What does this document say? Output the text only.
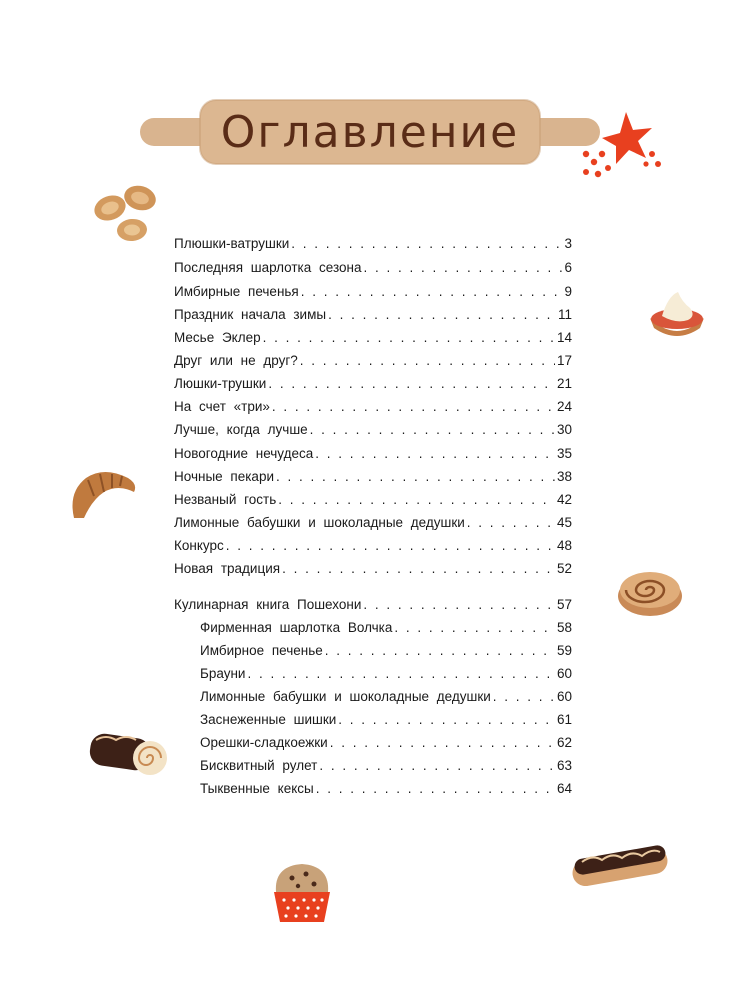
Оглавление
Плюшки-ватрушки . . .	3
Последняя шарлотка сезона . . .	6
Имбирные печенья . . .	9
Праздник начала зимы . . .	11
Месье Эклер . . .	14
Друг или не друг? . . .	17
Люшки-трушки . . .	21
На счет «три» . . .	24
Лучше, когда лучше . . .	30
Новогодние нечудеса . . .	35
Ночные пекари . . .	38
Незваный гость . . .	42
Лимонные бабушки и шоколадные дедушки . . .	45
Конкурс . . .	48
Новая традиция . . .	52
Кулинарная книга Пошехони . . .	57
Фирменная шарлотка Волчка . . .	58
Имбирное печенье . . .	59
Брауни . . .	60
Лимонные бабушки и шоколадные дедушки . . .	60
Заснеженные шишки . . .	61
Орешки-сладкоежки . . .	62
Бисквитный рулет . . .	63
Тыквенные кексы . . .	64
